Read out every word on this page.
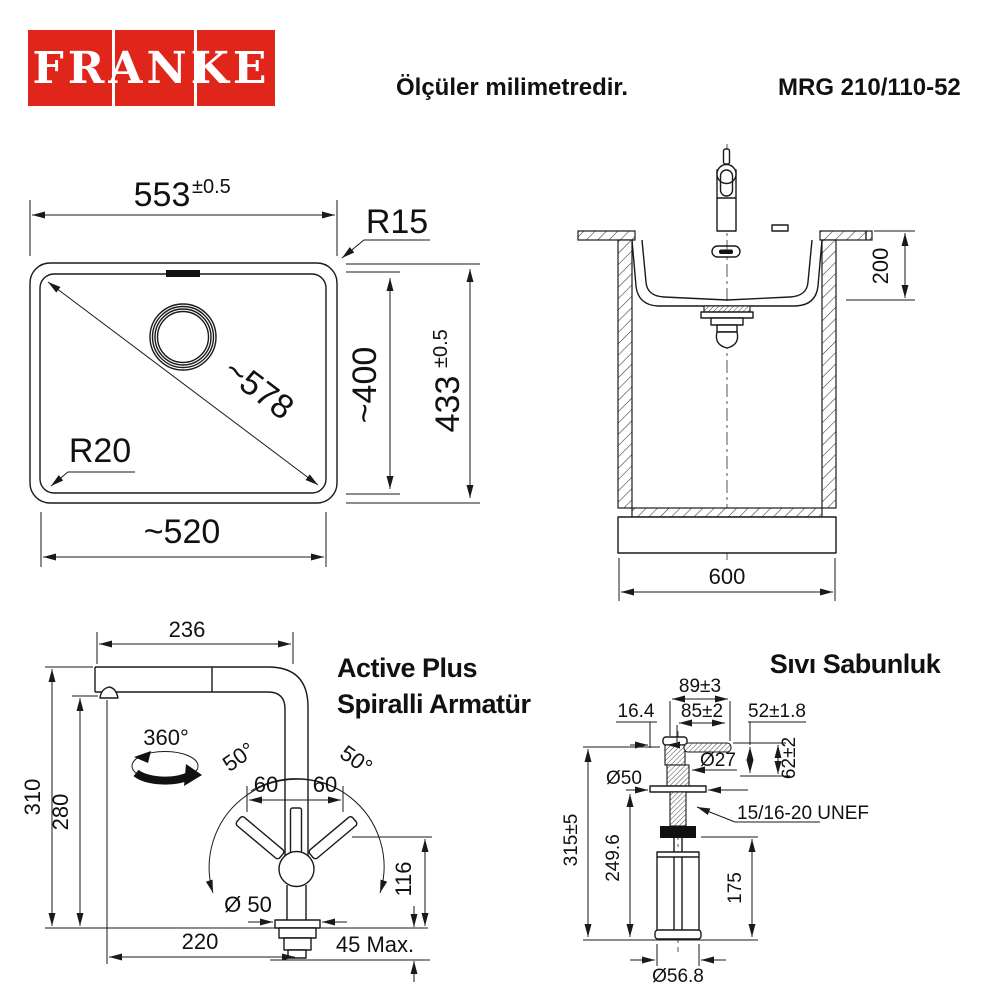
FRANKE	Ölçüler milimetredir.	MRG 210/110-52
~578
553 ±0.5
R15
R20
~520
~400 433
±0.5
200
600
Active Plus
Spiralli Armatür
360°
236
50°	50°
60 60
310 280
220
116
Ø 50
45 Max.
Sıvı Sabunluk
89±3
85±2
16.4
Ø27
Ø50
52±1.8
62±2
15/16-20 UNEF
315±5 249.6
175
Ø56.8
